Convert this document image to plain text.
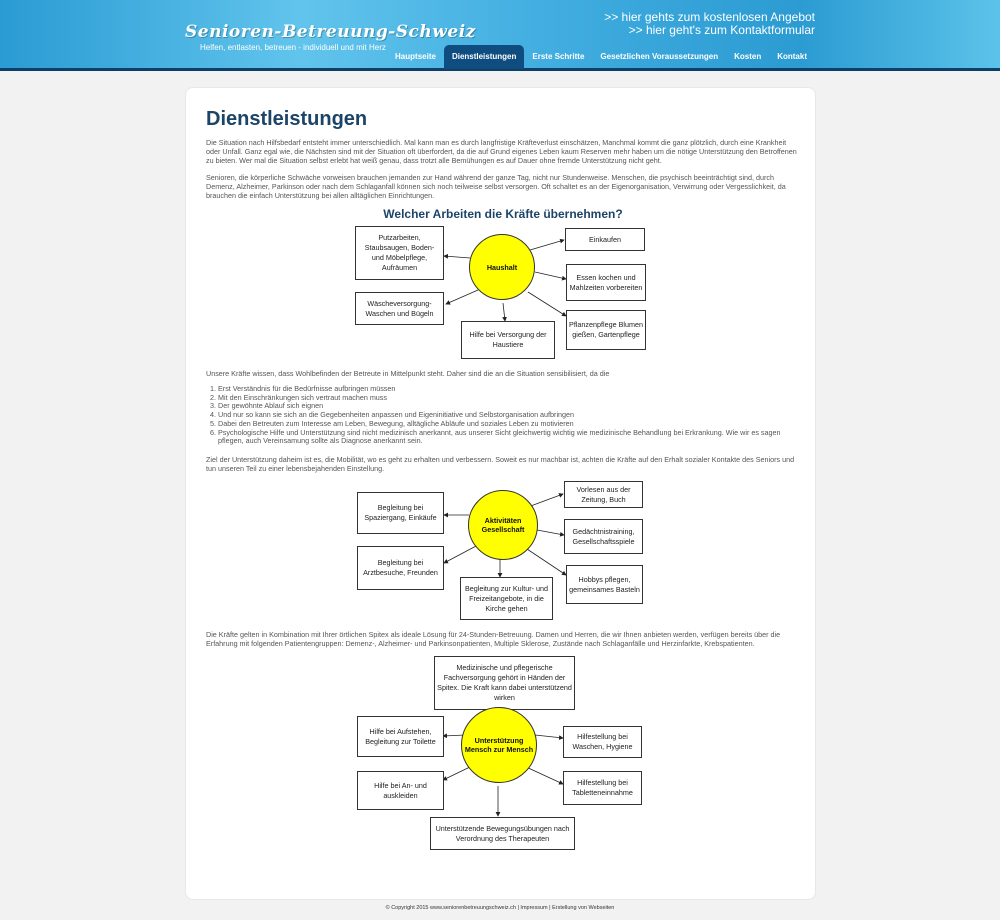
Senioren-Betreuung-Schweiz
Helfen, entlasten, betreuen - individuell und mit Herz
>> hier gehts zum kostenlosen Angebot
>> hier geht's zum Kontaktformular
Hauptseite	Dienstleistungen	Erste Schritte	Gesetzlichen Voraussetzungen	Kosten	Kontakt
Dienstleistungen
Die Situation nach Hilfsbedarf entsteht immer unterschiedlich. Mal kann man es durch langfristige Kräfteverlust einschätzen, Manchmal kommt die ganz plötzlich, durch eine Krankheit oder Unfall. Ganz egal wie, die Nächsten sind mit der Situation oft überfordert, da die auf Grund eigenes Leben kaum Reserven mehr haben um die nötige Unterstützung den Betroffenen zu bieten. Wer mal die Situation selbst erlebt hat weiß genau, dass trotzt alle Bemühungen es auf Dauer ohne fremde Unterstützung nicht geht.
Senioren, die körperliche Schwäche vorweisen brauchen jemanden zur Hand während der ganze Tag, nicht nur Stundenweise. Menschen, die psychisch beeinträchtigt sind, durch Demenz, Alzheimer, Parkinson oder nach dem Schlaganfall können sich noch teilweise selbst versorgen. Oft schaltet es an der Eigenorganisation, Verwirrung oder Vergesslichkeit, da brauchen die einfach Unterstützung bei allen alltäglichen Einrichtungen.
Welcher Arbeiten die Kräfte übernehmen?
Haushalt
Putzarbeiten, Staubsaugen, Boden- und Möbelpflege, Aufräumen
Einkaufen
Essen kochen und Mahlzeiten vorbereiten
Wäscheversorgung-Waschen und Bügeln
Hilfe bei Versorgung der Haustiere
Pflanzenpflege Blumen gießen, Gartenpflege
Unsere Kräfte wissen, dass Wohlbefinden der Betreute in Mittelpunkt steht. Daher sind die an die Situation sensibilisiert, da die
1. Erst Verständnis für die Bedürfnisse aufbringen müssen
2. Mit den Einschränkungen sich vertraut machen muss
3. Der gewöhnte Ablauf sich eignen
4. Und nur so kann sie sich an die Gegebenheiten anpassen und Eigeninitiative und Selbstorganisation aufbringen
5. Dabei den Betreuten zum Interesse am Leben, Bewegung, alltägliche Abläufe und soziales Leben zu motivieren
6. Psychologische Hilfe und Unterstützung sind nicht medizinisch anerkannt, aus unserer Sicht gleichwertig wichtig wie medizinische Behandlung bei Erkrankung. Wie wir es sagen pflegen, auch Vereinsamung sollte als Diagnose anerkannt sein.
Ziel der Unterstützung daheim ist es, die Mobilität, wo es geht zu erhalten und verbessern. Soweit es nur machbar ist, achten die Kräfte auf den Erhalt sozialer Kontakte des Seniors und tun unseren Teil zu einer lebensbejahenden Einstellung.
Aktivitäten Gesellschaft
Begleitung bei Spaziergang, Einkäufe
Vorlesen aus der Zeitung, Buch
Gedächtnistraining, Gesellschaftsspiele
Begleitung bei Arztbesuche, Freunden
Begleitung zur Kultur- und Freizeitangebote, in die Kirche gehen
Hobbys pflegen, gemeinsames Basteln
Die Kräfte gelten in Kombination mit Ihrer örtlichen Spitex als ideale Lösung für 24-Stunden-Betreuung. Damen und Herren, die wir Ihnen anbieten werden, verfügen bereits über die Erfahrung mit folgenden Patientengruppen: Demenz-, Alzheimer- und Parkinsonpatienten, Multiple Sklerose, Zustände nach Schlaganfälle und Herzinfarkte, Krebspatienten.
Medizinische und pflegerische Fachversorgung gehört in Händen der Spitex. Die Kraft kann dabei unterstützend wirken
Unterstützung Mensch zur Mensch
Hilfe bei Aufstehen, Begleitung zur Toilette	Hilfestellung bei Waschen, Hygiene
Hilfe bei An- und auskleiden
Hilfestellung bei Tabletteneinnahme
Unterstützende Bewegungsübungen nach Verordnung des Therapeuten
© Copyright 2015 www.seniorenbetreuungschweiz.ch | Impressum | Erstellung von Webseiten
